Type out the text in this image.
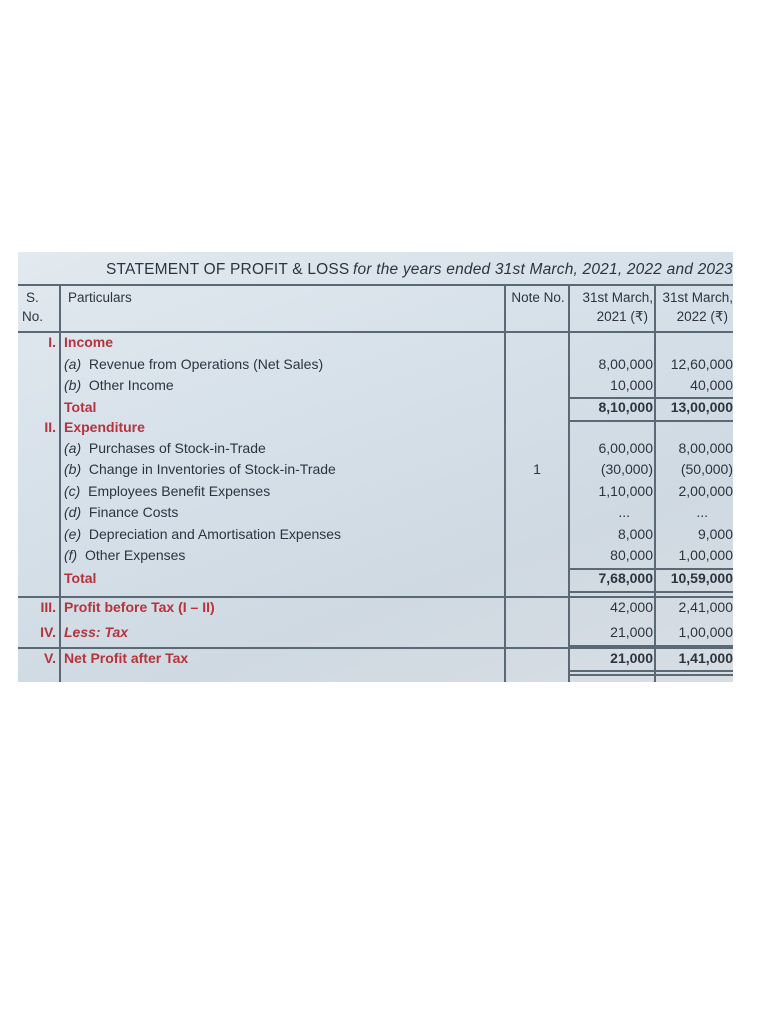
STATEMENT OF PROFIT & LOSS for the years ended 31st March, 2021, 2022 and 2023
S.	Particulars	Note No.	31st March, 31st March,
No.	2021 (₹)	2022 (₹)
I. Income
(a) Revenue from Operations (Net Sales)	8,00,000	12,60,000
(b) Other Income	10,000	40,000
Total	8,10,000	13,00,000
II. Expenditure
(a) Purchases of Stock-in-Trade	6,00,000	8,00,000
(b) Change in Inventories of Stock-in-Trade	1	(30,000)	(50,000)
(c) Employees Benefit Expenses	1,10,000	2,00,000
(d) Finance Costs	...	...
(e) Depreciation and Amortisation Expenses	8,000	9,000
(f) Other Expenses	80,000	1,00,000
Total	7,68,000	10,59,000
III. Profit before Tax (I – II)	42,000	2,41,000
IV. Less: Tax	21,000	1,00,000
V. Net Profit after Tax	21,000	1,41,000
